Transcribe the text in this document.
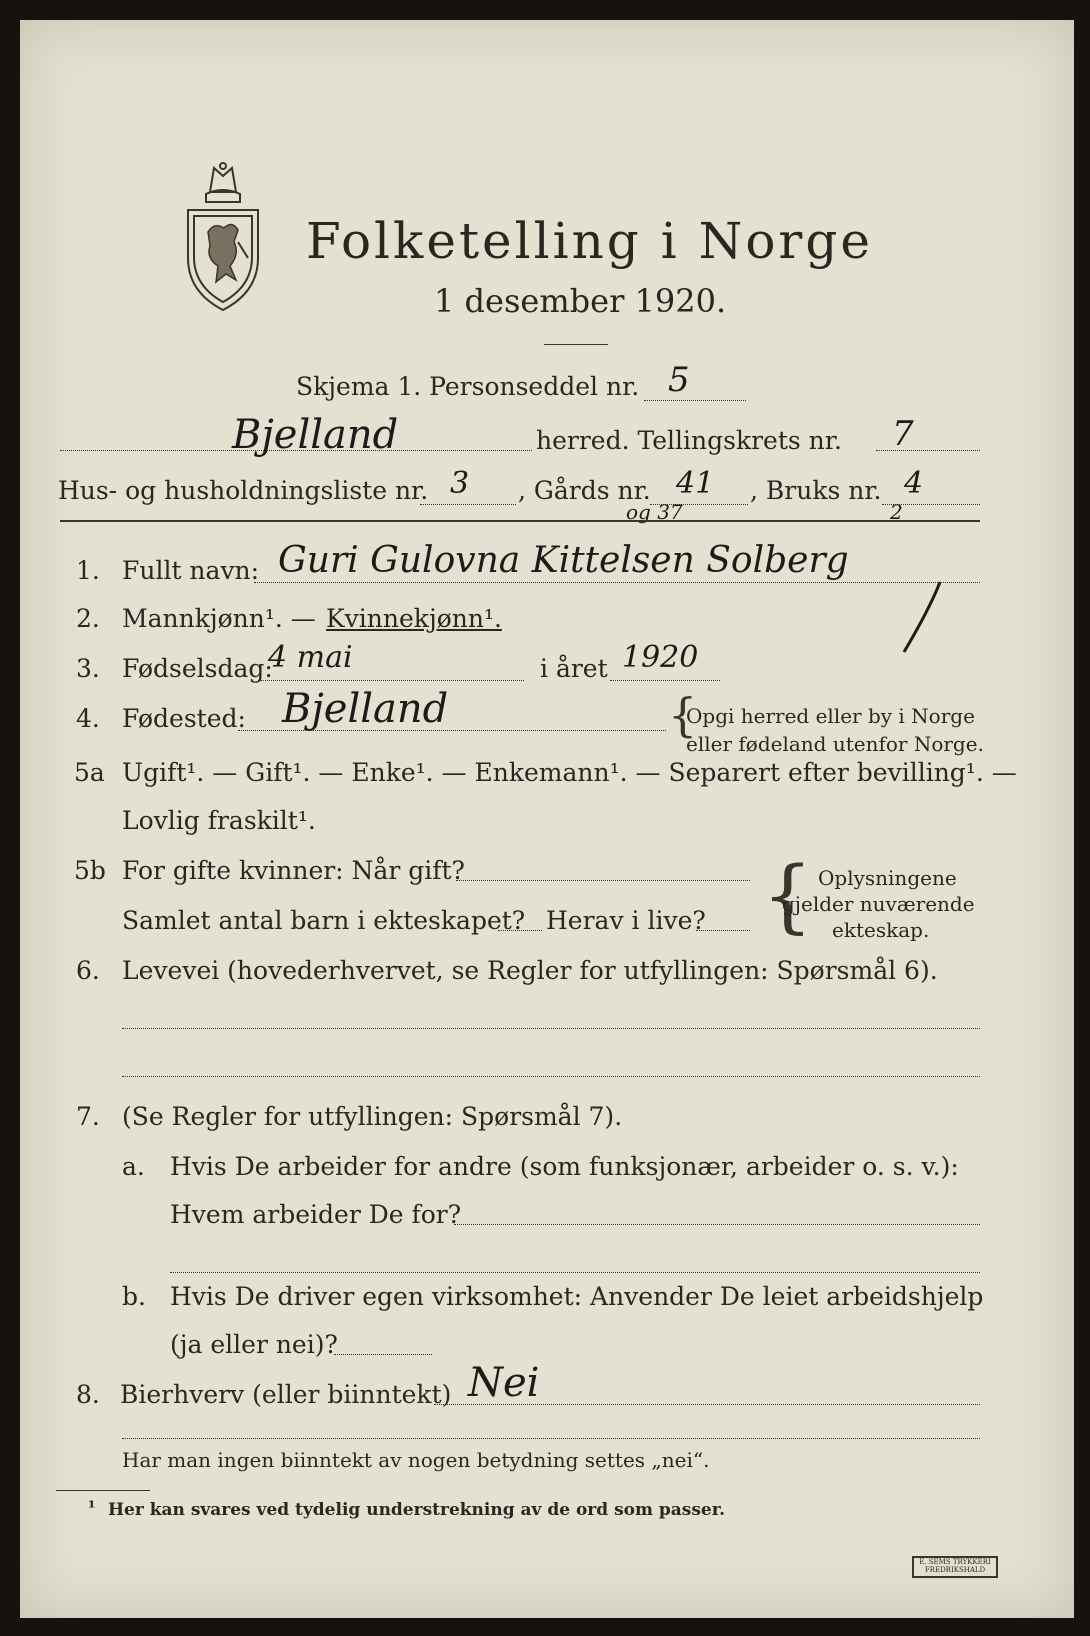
Folketelling i Norge
1 desember 1920.
Skjema 1. Personseddel nr. 5
Bjelland	herred. Tellingskrets nr. 7
Hus- og husholdningsliste nr. 3 , Gårds nr. 41 , Bruks nr. 4
og 37	2
1. Fullt navn: Guri Gulovna Kittelsen Solberg
2. Mannkjønn¹. — Kvinnekjønn¹.
3. Fødselsdag:
4 mai	i året 1920
4. Fødested: Bjelland	{
Opgi herred eller by i Norge
eller fødeland utenfor Norge.
5a Ugift¹. — Gift¹. — Enke¹. — Enkemann¹. — Separert efter bevilling¹. —
Lovlig fraskilt¹.
5b For gifte kvinner: Når gift?
Samlet antal barn i ekteskapet? Herav i live? { Oplysningene
gjelder nuværende
ekteskap.
6. Levevei (hovederhvervet, se Regler for utfyllingen: Spørsmål 6).
7. (Se Regler for utfyllingen: Spørsmål 7).
a. Hvis De arbeider for andre (som funksjonær, arbeider o. s. v.):
Hvem arbeider De for?
b. Hvis De driver egen virksomhet: Anvender De leiet arbeidshjelp
(ja eller nei)?
8. Bierhverv (eller biinntekt) Nei
Har man ingen biinntekt av nogen betydning settes „nei“.
¹ Her kan svares ved tydelig understrekning av de ord som passer.
E. SEMS TRYKKERI FREDRIKSHALD
